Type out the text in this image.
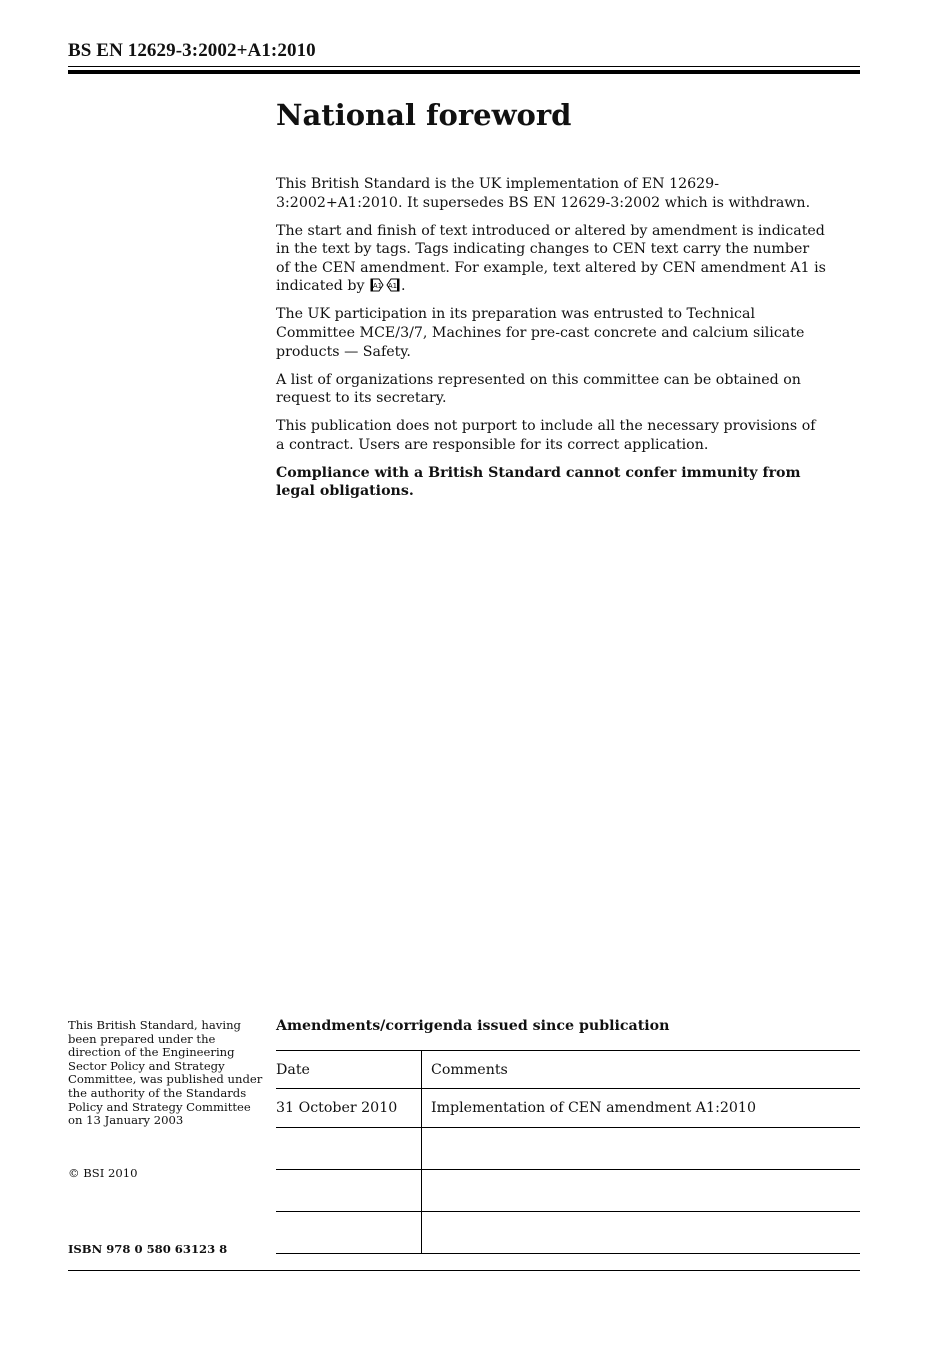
BS EN 12629-3:2002+A1:2010
National foreword

This British Standard is the UK implementation of EN 12629-3:2002+A1:2010. It supersedes BS EN 12629-3:2002 which is withdrawn.

The start and finish of text introduced or altered by amendment is indicated in the text by tags. Tags indicating changes to CEN text carry the number of the CEN amendment. For example, text altered by CEN amendment A1 is indicated by A1 A1 .

The UK participation in its preparation was entrusted to Technical Committee MCE/3/7, Machines for pre-cast concrete and calcium silicate products — Safety.

A list of organizations represented on this committee can be obtained on request to its secretary.

This publication does not purport to include all the necessary provisions of a contract. Users are responsible for its correct application.

Compliance with a British Standard cannot confer immunity from legal obligations.

This British Standard, having been prepared under the direction of the Engineering Sector Policy and Strategy Committee, was published under the authority of the Standards Policy and Strategy Committee on 13 January 2003
© BSI 2010
ISBN 978 0 580 63123 8
Amendments/corrigenda issued since publication
Date	Comments
31 October 2010	Implementation of CEN amendment A1:2010
